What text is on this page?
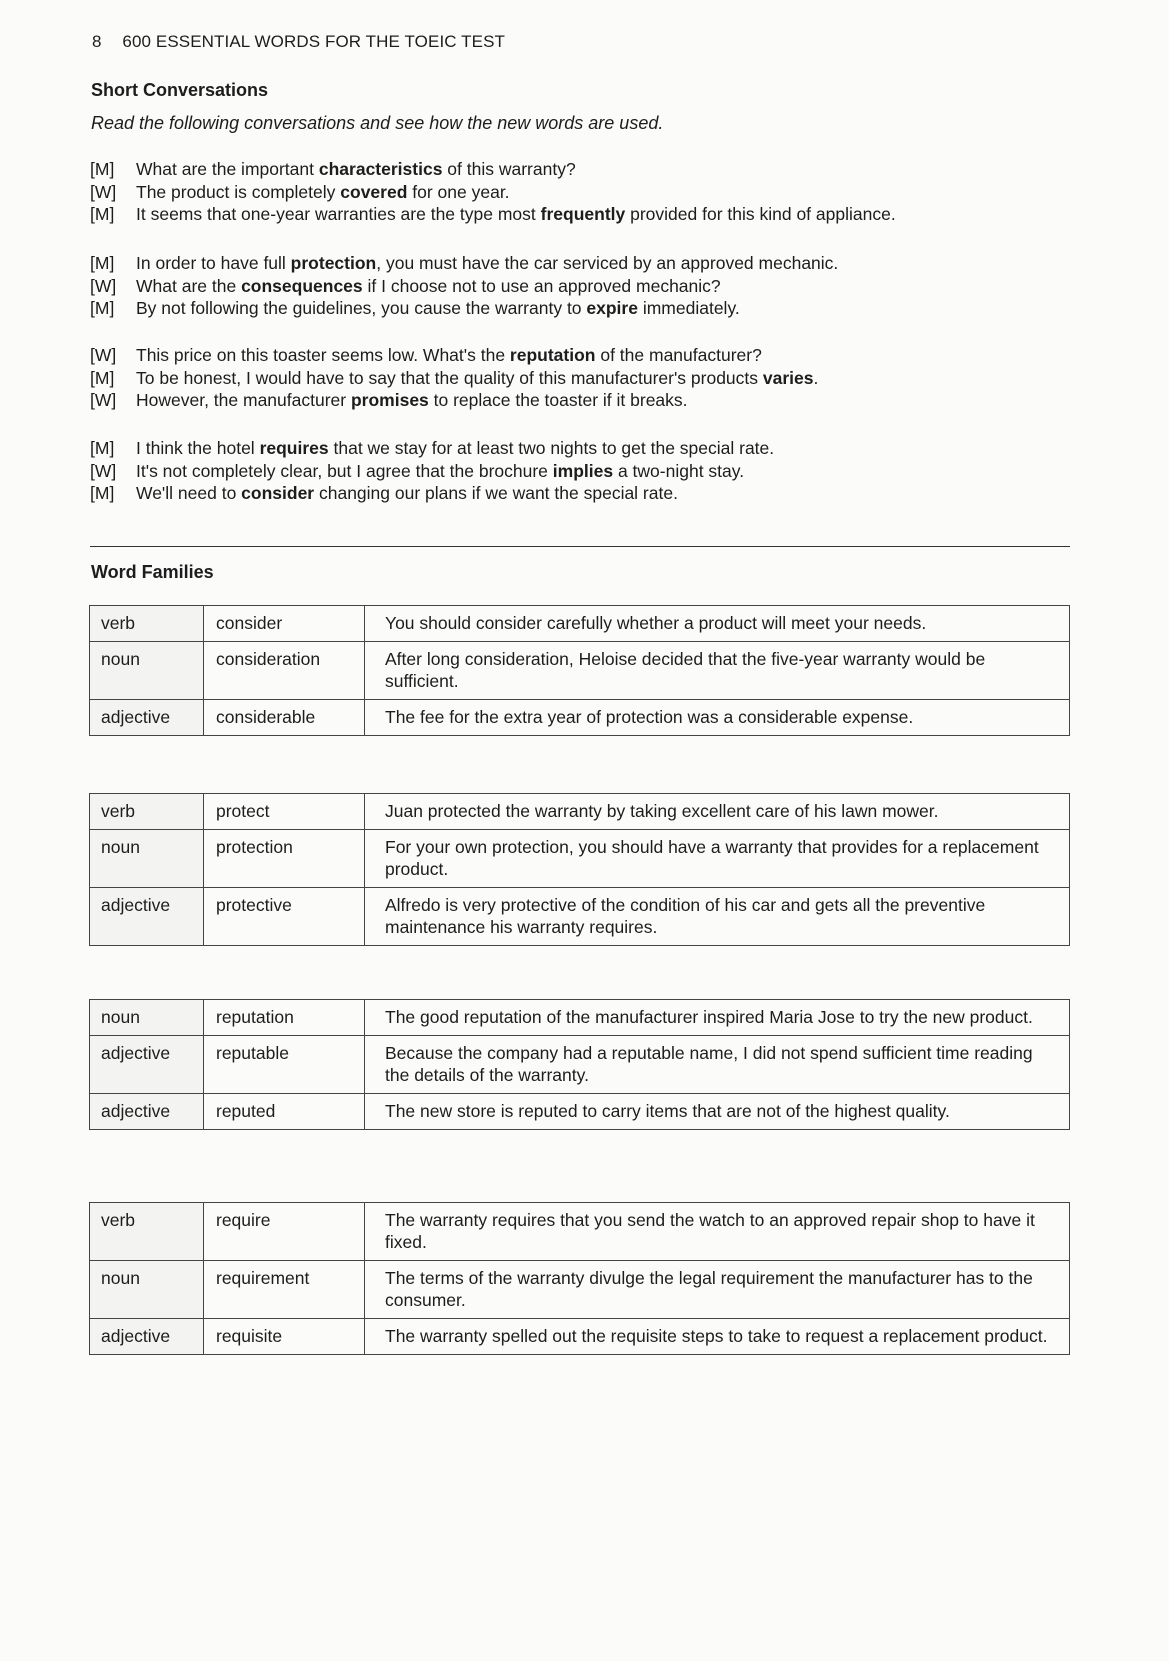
8 600 ESSENTIAL WORDS FOR THE TOEIC TEST
Short Conversations
Read the following conversations and see how the new words are used.
[M]	What are the important characteristics of this warranty?
[W]	The product is completely covered for one year.
[M]	It seems that one-year warranties are the type most frequently provided for this kind of appliance.
[M]	In order to have full protection, you must have the car serviced by an approved mechanic.
[W]	What are the consequences if I choose not to use an approved mechanic?
[M]	By not following the guidelines, you cause the warranty to expire immediately.
[W]	This price on this toaster seems low. What's the reputation of the manufacturer?
[M]	To be honest, I would have to say that the quality of this manufacturer's products varies.
[W]	However, the manufacturer promises to replace the toaster if it breaks.
[M]	I think the hotel requires that we stay for at least two nights to get the special rate.
[W]	It's not completely clear, but I agree that the brochure implies a two-night stay.
[M]	We'll need to consider changing our plans if we want the special rate.
Word Families
verb	consider	You should consider carefully whether a product will meet your needs.
noun	consideration	After long consideration, Heloise decided that the five-year warranty would be sufficient.
adjective	considerable	The fee for the extra year of protection was a considerable expense.
verb	protect	Juan protected the warranty by taking excellent care of his lawn mower.
noun	protection	For your own protection, you should have a warranty that provides for a replacement product.
adjective	protective	Alfredo is very protective of the condition of his car and gets all the preventive maintenance his warranty requires.
noun	reputation	The good reputation of the manufacturer inspired Maria Jose to try the new product.
adjective	reputable	Because the company had a reputable name, I did not spend sufficient time reading the details of the warranty.
adjective	reputed	The new store is reputed to carry items that are not of the highest quality.
verb	require	The warranty requires that you send the watch to an approved repair shop to have it fixed.
noun	requirement	The terms of the warranty divulge the legal requirement the manufacturer has to the consumer.
adjective	requisite	The warranty spelled out the requisite steps to take to request a replacement product.
